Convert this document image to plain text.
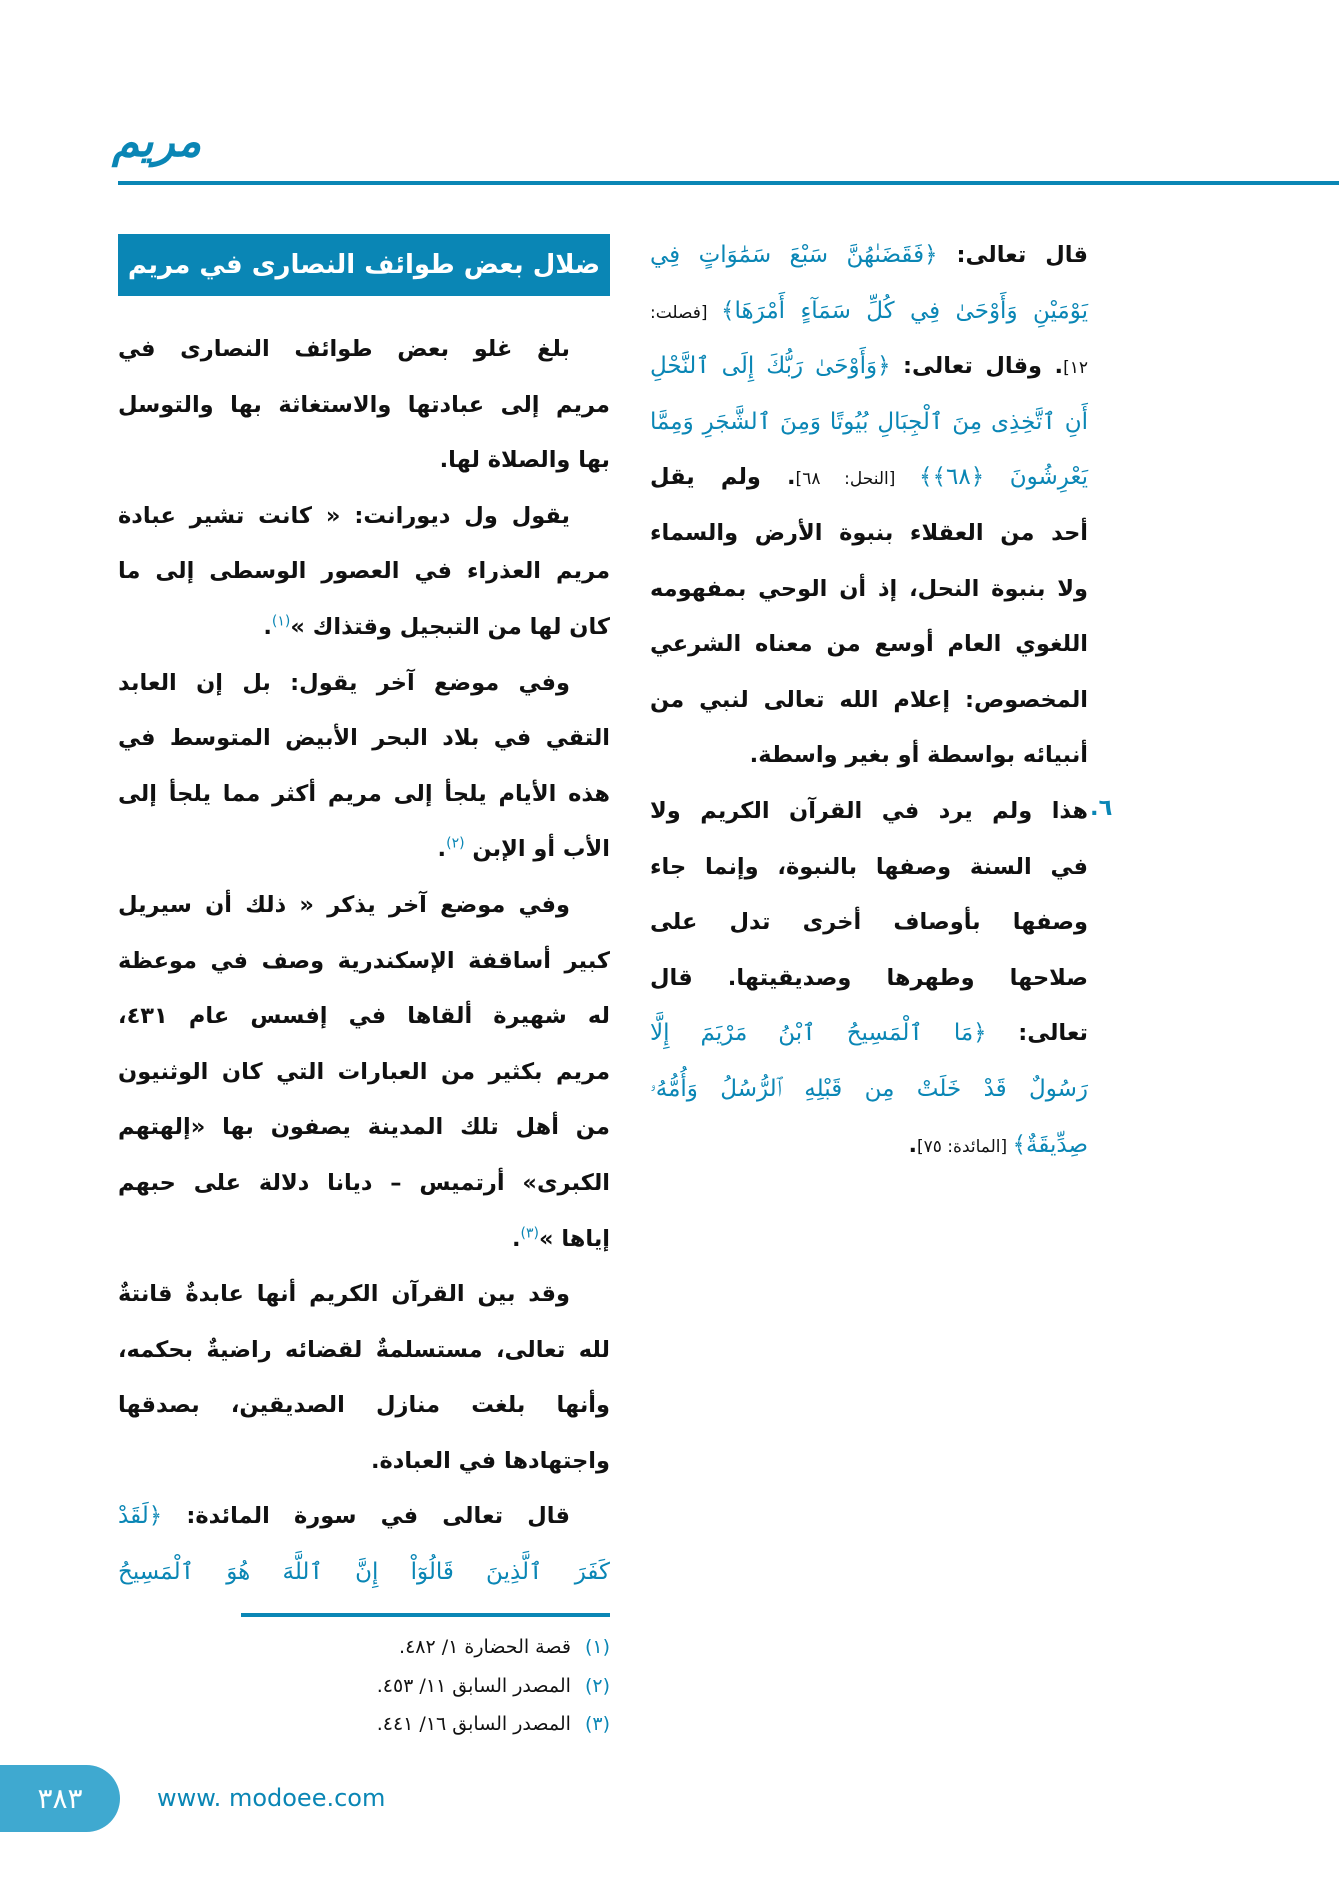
مريم
ضلال بعض طوائف النصارى في مريم	قال تعالى: ﴿فَقَضَىٰهُنَّ سَبْعَ سَمَٰوَاتٍ فِي
يَوْمَيْنِ وَأَوْحَىٰ فِي كُلِّ سَمَآءٍ أَمْرَهَا﴾ [فصلت:
١٢]. وقال تعالى: ﴿وَأَوْحَىٰ رَبُّكَ إِلَى ٱلنَّحْلِ
أَنِ ٱتَّخِذِى مِنَ ٱلْجِبَالِ بُيُوتًا وَمِنَ ٱلشَّجَرِ وَمِمَّا
يَعْرِشُونَ ﴿٦٨﴾﴾ [النحل: ٦٨]. ولم يقل
أحد من العقلاء بنبوة الأرض والسماء
ولا بنبوة النحل، إذ أن الوحي بمفهومه
اللغوي العام أوسع من معناه الشرعي
المخصوص: إعلام الله تعالى لنبي من
أنبيائه بواسطة أو بغير واسطة.
هذا ولم يرد في القرآن الكريم ولا
في السنة وصفها بالنبوة، وإنما جاء
وصفها بأوصاف أخرى تدل على
صلاحها وطهرها وصديقيتها. قال
تعالى: ﴿مَا ٱلْمَسِيحُ ٱبْنُ مَرْيَمَ إِلَّا
رَسُولٌ قَدْ خَلَتْ مِن قَبْلِهِ ٱلرُّسُلُ وَأُمُّهُۥ
صِدِّيقَةٌ﴾ [المائدة: ٧٥].
٦.
بلغ غلو بعض طوائف النصارى في
مريم إلى عبادتها والاستغاثة بها والتوسل
بها والصلاة لها.
يقول ول ديورانت: « كانت تشير عبادة
مريم العذراء في العصور الوسطى إلى ما
كان لها من التبجيل وقتذاك »$^{(١)}$.
وفي موضع آخر يقول: بل إن العابد
التقي في بلاد البحر الأبيض المتوسط في
هذه الأيام يلجأ إلى مريم أكثر مما يلجأ إلى
الأب أو الإبن $^{(٢)}$.
وفي موضع آخر يذكر « ذلك أن سيريل
كبير أساقفة الإسكندرية وصف في موعظة
له شهيرة ألقاها في إفسس عام ٤٣١،
مريم بكثير من العبارات التي كان الوثنيون
من أهل تلك المدينة يصفون بها «إلهتهم
الكبرى» أرتميس – ديانا دلالة على حبهم
إياها »$^{(٣)}$.
وقد بين القرآن الكريم أنها عابدةٌ قانتةٌ
لله تعالى، مستسلمةٌ لقضائه راضيةٌ بحكمه،
وأنها بلغت منازل الصديقين، بصدقها
واجتهادها في العبادة.
قال تعالى في سورة المائدة: ﴿لَقَدْ
كَفَرَ ٱلَّذِينَ قَالُوٓاْ إِنَّ ٱللَّهَ هُوَ ٱلْمَسِيحُ
(١)قصة الحضارة ١/ ٤٨٢.
(٢)المصدر السابق ١١/ ٤٥٣.
(٣)المصدر السابق ١٦/ ٤٤١.
٣٨٣	www. modoee.com
